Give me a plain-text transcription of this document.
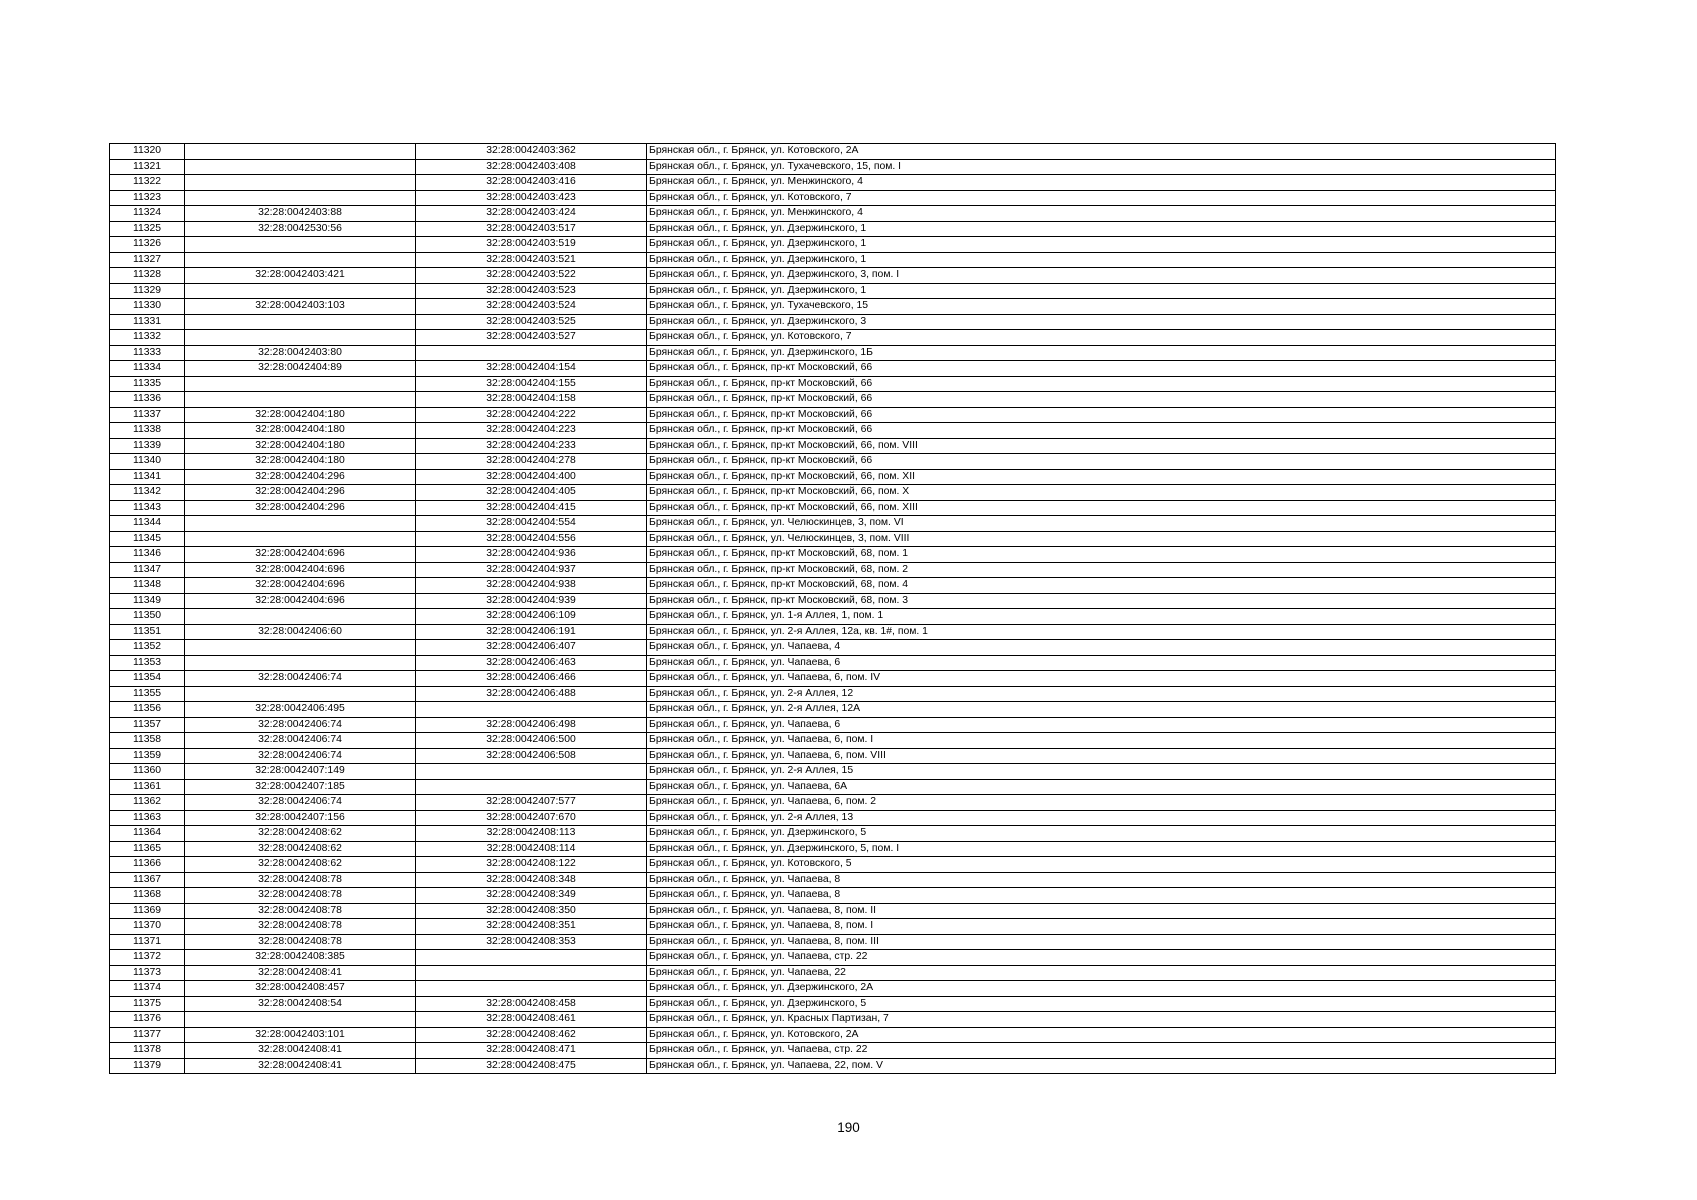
11320		32:28:0042403:362	Брянская обл., г. Брянск, ул. Котовского, 2А
11321		32:28:0042403:408	Брянская обл., г. Брянск, ул. Тухачевского, 15, пом. I
11322		32:28:0042403:416	Брянская обл., г. Брянск, ул. Менжинского, 4
11323		32:28:0042403:423	Брянская обл., г. Брянск, ул. Котовского, 7
11324	32:28:0042403:88	32:28:0042403:424	Брянская обл., г. Брянск, ул. Менжинского, 4
11325	32:28:0042530:56	32:28:0042403:517	Брянская обл., г. Брянск, ул. Дзержинского, 1
11326		32:28:0042403:519	Брянская обл., г. Брянск, ул. Дзержинского, 1
11327		32:28:0042403:521	Брянская обл., г. Брянск, ул. Дзержинского, 1
11328	32:28:0042403:421	32:28:0042403:522	Брянская обл., г. Брянск, ул. Дзержинского, 3, пом. I
11329		32:28:0042403:523	Брянская обл., г. Брянск, ул. Дзержинского, 1
11330	32:28:0042403:103	32:28:0042403:524	Брянская обл., г. Брянск, ул. Тухачевского, 15
11331		32:28:0042403:525	Брянская обл., г. Брянск, ул. Дзержинского, 3
11332		32:28:0042403:527	Брянская обл., г. Брянск, ул. Котовского, 7
11333	32:28:0042403:80		Брянская обл., г. Брянск, ул. Дзержинского, 1Б
11334	32:28:0042404:89	32:28:0042404:154	Брянская обл., г. Брянск, пр-кт Московский, 66
11335		32:28:0042404:155	Брянская обл., г. Брянск, пр-кт Московский, 66
11336		32:28:0042404:158	Брянская обл., г. Брянск, пр-кт Московский, 66
11337	32:28:0042404:180	32:28:0042404:222	Брянская обл., г. Брянск, пр-кт Московский, 66
11338	32:28:0042404:180	32:28:0042404:223	Брянская обл., г. Брянск, пр-кт Московский, 66
11339	32:28:0042404:180	32:28:0042404:233	Брянская обл., г. Брянск, пр-кт Московский, 66, пом. VIII
11340	32:28:0042404:180	32:28:0042404:278	Брянская обл., г. Брянск, пр-кт Московский, 66
11341	32:28:0042404:296	32:28:0042404:400	Брянская обл., г. Брянск, пр-кт Московский, 66, пом. XII
11342	32:28:0042404:296	32:28:0042404:405	Брянская обл., г. Брянск, пр-кт Московский, 66, пом. X
11343	32:28:0042404:296	32:28:0042404:415	Брянская обл., г. Брянск, пр-кт Московский, 66, пом. XIII
11344		32:28:0042404:554	Брянская обл., г. Брянск, ул. Челюскинцев, 3, пом. VI
11345		32:28:0042404:556	Брянская обл., г. Брянск, ул. Челюскинцев, 3, пом. VIII
11346	32:28:0042404:696	32:28:0042404:936	Брянская обл., г. Брянск, пр-кт Московский, 68, пом. 1
11347	32:28:0042404:696	32:28:0042404:937	Брянская обл., г. Брянск, пр-кт Московский, 68, пом. 2
11348	32:28:0042404:696	32:28:0042404:938	Брянская обл., г. Брянск, пр-кт Московский, 68, пом. 4
11349	32:28:0042404:696	32:28:0042404:939	Брянская обл., г. Брянск, пр-кт Московский, 68, пом. 3
11350		32:28:0042406:109	Брянская обл., г. Брянск, ул. 1-я Аллея, 1, пом. 1
11351	32:28:0042406:60	32:28:0042406:191	Брянская обл., г. Брянск, ул. 2-я Аллея, 12а, кв. 1#, пом. 1
11352		32:28:0042406:407	Брянская обл., г. Брянск, ул. Чапаева, 4
11353		32:28:0042406:463	Брянская обл., г. Брянск, ул. Чапаева, 6
11354	32:28:0042406:74	32:28:0042406:466	Брянская обл., г. Брянск, ул. Чапаева, 6, пом. IV
11355		32:28:0042406:488	Брянская обл., г. Брянск, ул. 2-я Аллея, 12
11356	32:28:0042406:495		Брянская обл., г. Брянск, ул. 2-я Аллея, 12А
11357	32:28:0042406:74	32:28:0042406:498	Брянская обл., г. Брянск, ул. Чапаева, 6
11358	32:28:0042406:74	32:28:0042406:500	Брянская обл., г. Брянск, ул. Чапаева, 6, пом. I
11359	32:28:0042406:74	32:28:0042406:508	Брянская обл., г. Брянск, ул. Чапаева, 6, пом. VIII
11360	32:28:0042407:149		Брянская обл., г. Брянск, ул. 2-я Аллея, 15
11361	32:28:0042407:185		Брянская обл., г. Брянск, ул. Чапаева, 6А
11362	32:28:0042406:74	32:28:0042407:577	Брянская обл., г. Брянск, ул. Чапаева, 6, пом. 2
11363	32:28:0042407:156	32:28:0042407:670	Брянская обл., г. Брянск, ул. 2-я Аллея, 13
11364	32:28:0042408:62	32:28:0042408:113	Брянская обл., г. Брянск, ул. Дзержинского, 5
11365	32:28:0042408:62	32:28:0042408:114	Брянская обл., г. Брянск, ул. Дзержинского, 5, пом. I
11366	32:28:0042408:62	32:28:0042408:122	Брянская обл., г. Брянск, ул. Котовского, 5
11367	32:28:0042408:78	32:28:0042408:348	Брянская обл., г. Брянск, ул. Чапаева, 8
11368	32:28:0042408:78	32:28:0042408:349	Брянская обл., г. Брянск, ул. Чапаева, 8
11369	32:28:0042408:78	32:28:0042408:350	Брянская обл., г. Брянск, ул. Чапаева, 8, пом. II
11370	32:28:0042408:78	32:28:0042408:351	Брянская обл., г. Брянск, ул. Чапаева, 8, пом. I
11371	32:28:0042408:78	32:28:0042408:353	Брянская обл., г. Брянск, ул. Чапаева, 8, пом. III
11372	32:28:0042408:385		Брянская обл., г. Брянск, ул. Чапаева, стр. 22
11373	32:28:0042408:41		Брянская обл., г. Брянск, ул. Чапаева, 22
11374	32:28:0042408:457		Брянская обл., г. Брянск, ул. Дзержинского, 2А
11375	32:28:0042408:54	32:28:0042408:458	Брянская обл., г. Брянск, ул. Дзержинского, 5
11376		32:28:0042408:461	Брянская обл., г. Брянск, ул. Красных Партизан, 7
11377	32:28:0042403:101	32:28:0042408:462	Брянская обл., г. Брянск, ул. Котовского, 2А
11378	32:28:0042408:41	32:28:0042408:471	Брянская обл., г. Брянск, ул. Чапаева, стр. 22
11379	32:28:0042408:41	32:28:0042408:475	Брянская обл., г. Брянск, ул. Чапаева, 22, пом. V
190
